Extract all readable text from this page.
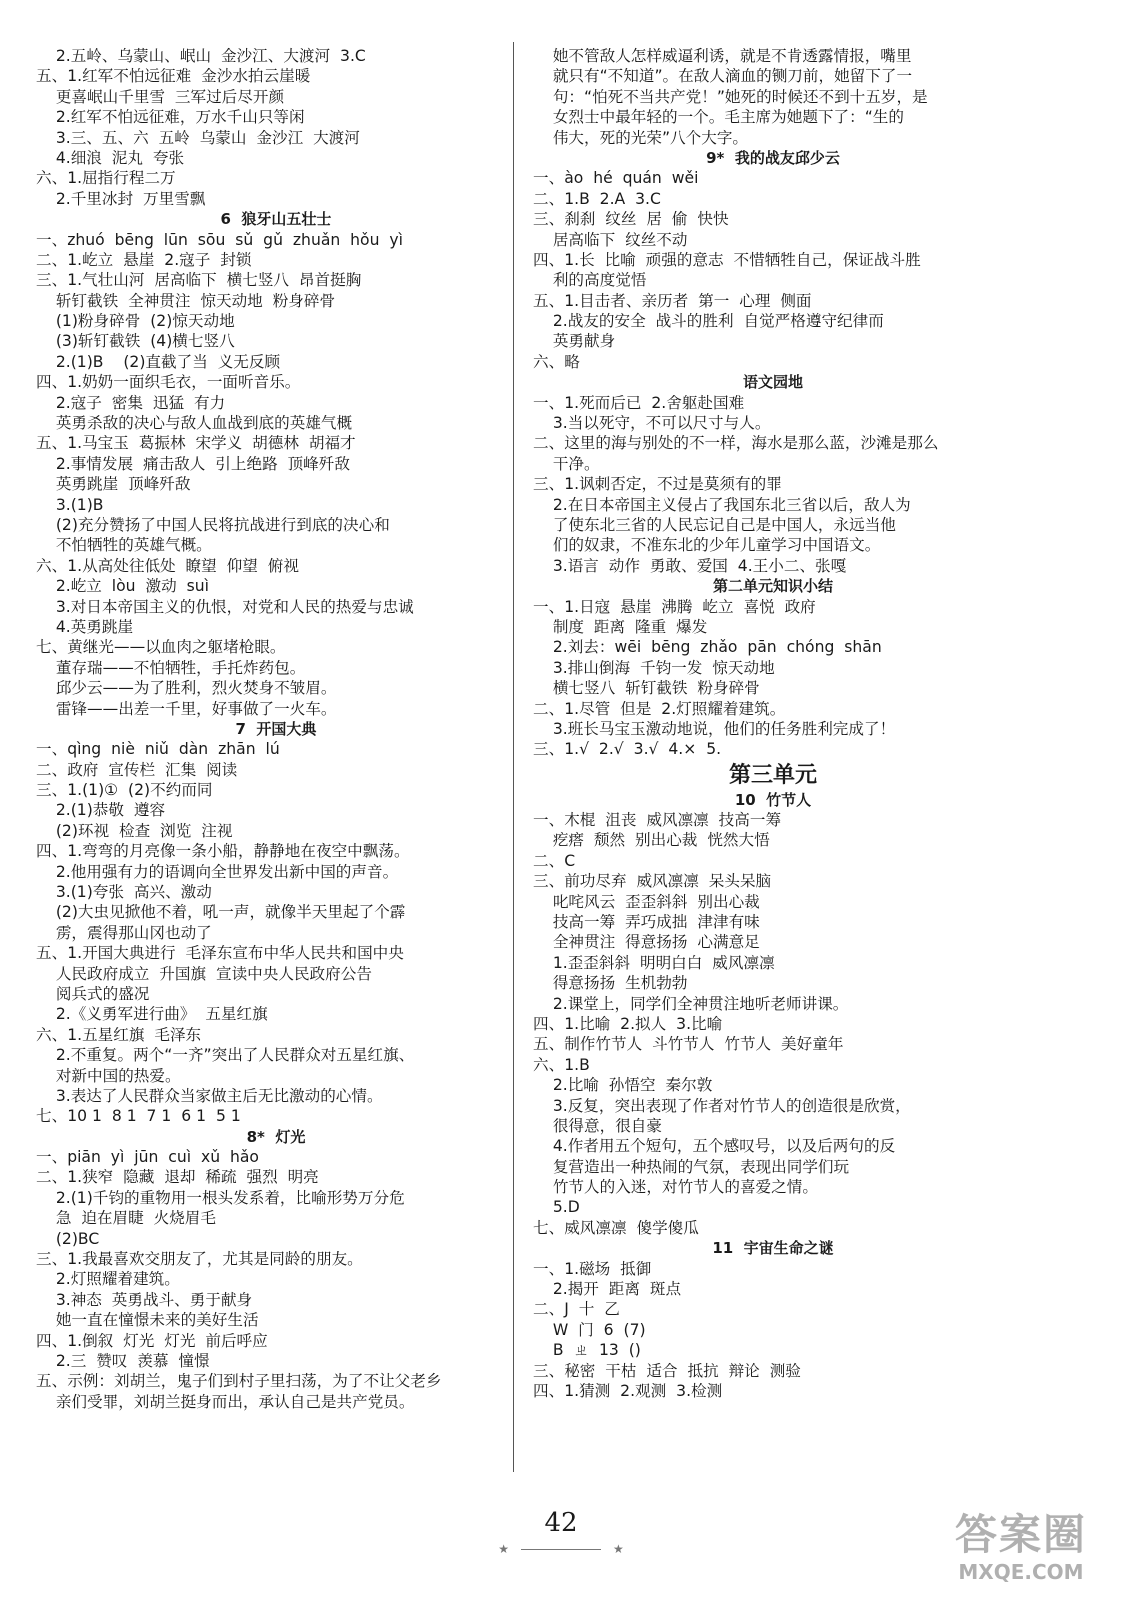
2.五岭、乌蒙山、岷山  金沙江、大渡河  3.C
五、1.红军不怕远征难  金沙水拍云崖暖
更喜岷山千里雪  三军过后尽开颜
2.红军不怕远征难，万水千山只等闲
3.三、五、六  五岭  乌蒙山  金沙江  大渡河
4.细浪  泥丸  夸张
六、1.屈指行程二万
2.千里冰封  万里雪飘
6  狼牙山五壮士
一、zhuó  bēng  lūn  sōu  sǔ  gǔ  zhuǎn  hǒu  yì
二、1.屹立  悬崖  2.寇子  封锁
三、1.气壮山河  居高临下  横七竖八  昂首挺胸
斩钉截铁  全神贯注  惊天动地  粉身碎骨
(1)粉身碎骨  (2)惊天动地
(3)斩钉截铁  (4)横七竖八
2.(1)B    (2)直截了当  义无反顾
四、1.奶奶一面织毛衣，一面听音乐。
2.寇子  密集  迅猛  有力
英勇杀敌的决心与敌人血战到底的英雄气概
五、1.马宝玉  葛振林  宋学义  胡德林  胡福才
2.事情发展  痛击敌人  引上绝路  顶峰歼敌
英勇跳崖  顶峰歼敌
3.(1)B
(2)充分赞扬了中国人民将抗战进行到底的决心和
不怕牺牲的英雄气概。
六、1.从高处往低处  瞭望  仰望  俯视
2.屹立  lòu  激动  suì
3.对日本帝国主义的仇恨，对党和人民的热爱与忠诚
4.英勇跳崖
七、黄继光——以血肉之躯堵枪眼。
董存瑞——不怕牺牲，手托炸药包。
邱少云——为了胜利，烈火焚身不皱眉。
雷锋——出差一千里，好事做了一火车。
7  开国大典
一、qìng  niè  niǔ  dàn  zhān  lú
二、政府  宣传栏  汇集  阅读
三、1.(1)①  (2)不约而同
2.(1)恭敬  遵容
(2)环视  检查  浏览  注视
四、1.弯弯的月亮像一条小船，静静地在夜空中飘荡。
2.他用强有力的语调向全世界发出新中国的声音。
3.(1)夸张  高兴、激动
(2)大虫见掀他不着，吼一声，就像半天里起了个霹
雳，震得那山冈也动了
五、1.开国大典进行  毛泽东宣布中华人民共和国中央
人民政府成立  升国旗  宣读中央人民政府公告
阅兵式的盛况
2.《义勇军进行曲》  五星红旗
六、1.五星红旗  毛泽东
2.不重复。两个“一齐”突出了人民群众对五星红旗、
对新中国的热爱。
3.表达了人民群众当家做主后无比激动的心情。
七、10 1  8 1  7 1  6 1  5 1
8*  灯光
一、piān  yì  jūn  cuì  xǔ  hǎo
二、1.狭窄  隐藏  退却  稀疏  强烈  明亮
2.(1)千钧的重物用一根头发系着，比喻形势万分危
急  迫在眉睫  火烧眉毛
(2)BC
三、1.我最喜欢交朋友了，尤其是同龄的朋友。
2.灯照耀着建筑。
3.神态  英勇战斗、勇于献身
她一直在憧憬未来的美好生活
四、1.倒叙  灯光  灯光  前后呼应
2.三  赞叹  羡慕  憧憬
五、示例：刘胡兰，鬼子们到村子里扫荡，为了不让父老乡
亲们受罪，刘胡兰挺身而出，承认自己是共产党员。
她不管敌人怎样威逼利诱，就是不肯透露情报，嘴里
就只有“不知道”。在敌人滴血的铡刀前，她留下了一
句：“怕死不当共产党！”她死的时候还不到十五岁，是
女烈士中最年轻的一个。毛主席为她题下了：“生的
伟大，死的光荣”八个大字。
9*  我的战友邱少云
一、ào  hé  quán  wěi
二、1.B  2.A  3.C
三、刹刹  纹丝  居  偷  快快
居高临下  纹丝不动
四、1.长  比喻  顽强的意志  不惜牺牲自己，保证战斗胜
利的高度觉悟
五、1.目击者、亲历者  第一  心理  侧面
2.战友的安全  战斗的胜利  自觉严格遵守纪律而
英勇献身
六、略
语文园地
一、1.死而后已  2.舍躯赴国难
3.当以死守，不可以尺寸与人。
二、这里的海与别处的不一样，海水是那么蓝，沙滩是那么
干净。
三、1.讽刺否定，不过是莫须有的罪
2.在日本帝国主义侵占了我国东北三省以后，敌人为
了使东北三省的人民忘记自己是中国人，永远当他
们的奴隶，不准东北的少年儿童学习中国语文。
3.语言  动作  勇敢、爱国  4.王小二、张嘎
第二单元知识小结
一、1.日寇  悬崖  沸腾  屹立  喜悦  政府
制度  距离  隆重  爆发
2.刘去：wēi  bēng  zhǎo  pān  chóng  shān
3.排山倒海  千钧一发  惊天动地
横七竖八  斩钉截铁  粉身碎骨
二、1.尽管  但是  2.灯照耀着建筑。
3.班长马宝玉激动地说，他们的任务胜利完成了！
三、1.√  2.√  3.√  4.×  5.
第三单元
10  竹节人
一、木棍  沮丧  威风凛凛  技高一筹
疙瘩  颓然  别出心裁  恍然大悟
二、C
三、前功尽弃  威风凛凛  呆头呆脑
叱咤风云  歪歪斜斜  别出心裁
技高一筹  弄巧成拙  津津有味
全神贯注  得意扬扬  心满意足
1.歪歪斜斜  明明白白  威风凛凛
得意扬扬  生机勃勃
2.课堂上，同学们全神贯注地听老师讲课。
四、1.比喻  2.拟人  3.比喻
五、制作竹节人  斗竹节人  竹节人  美好童年
六、1.B
2.比喻  孙悟空  秦尔敦
3.反复，突出表现了作者对竹节人的创造很是欣赏，
很得意，很自豪
4.作者用五个短句，五个感叹号，以及后两句的反
复营造出一种热闹的气氛，表现出同学们玩
竹节人的入迷，对竹节人的喜爱之情。
5.D
七、威风凛凛  傻学傻瓜
11  宇宙生命之谜
一、1.磁场  抵御
2.揭开  距离  斑点
二、J  十  乙
W  门  6  (7)
B  ㄓ  13  ()
三、秘密  干枯  适合  抵抗  辩论  测验
四、1.猜测  2.观测  3.检测
42
★	★	答案圈
MXQE.COM
